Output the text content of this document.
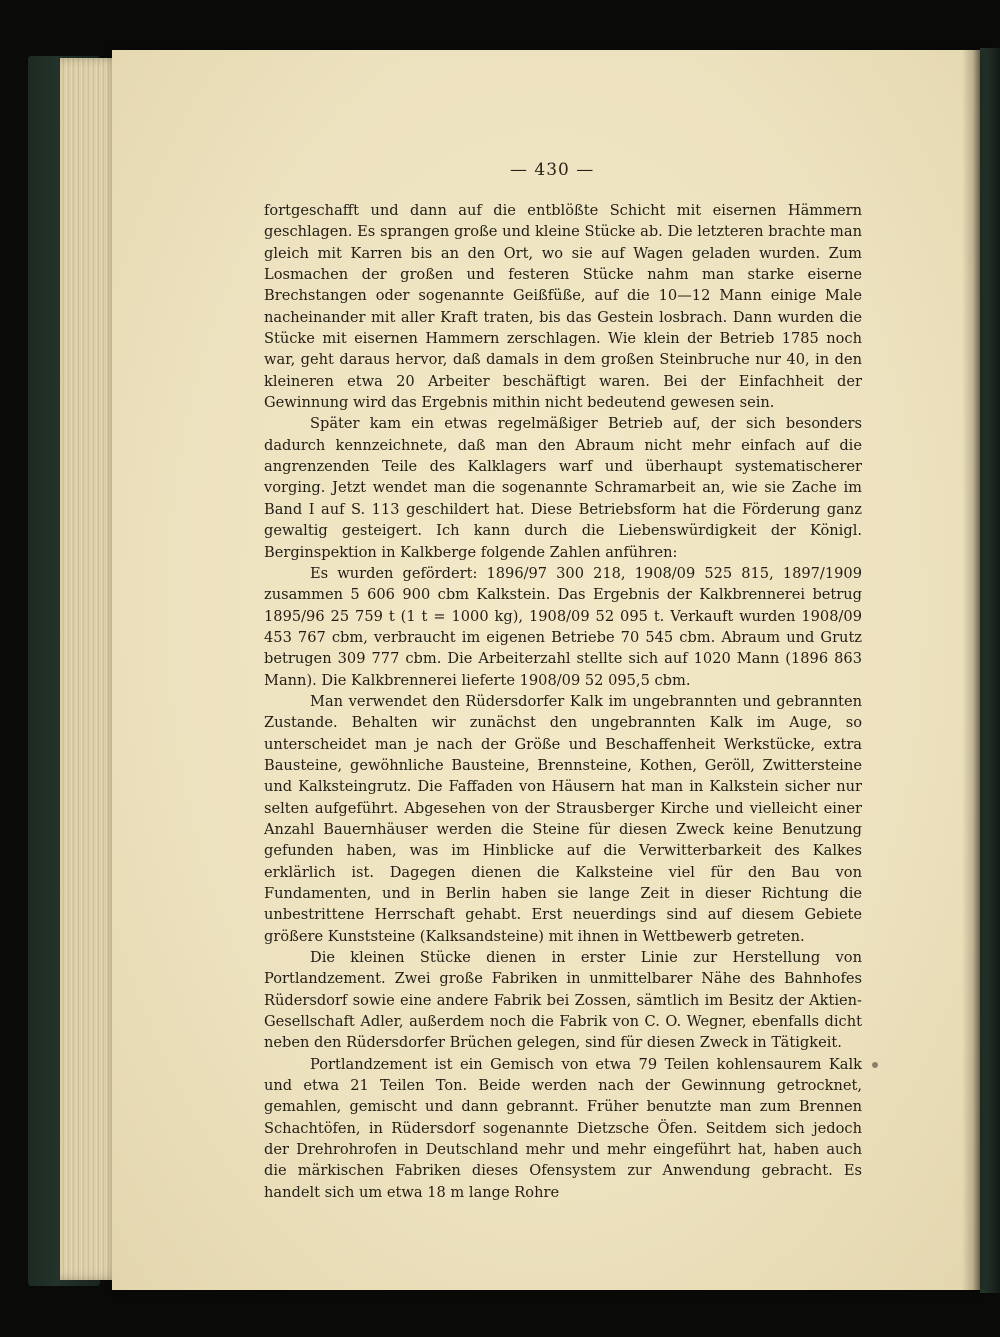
— 430 —

fortgeschafft und dann auf die entblößte Schicht mit eisernen Hämmern geschlagen. Es sprangen große und kleine Stücke ab. Die letzteren brachte man gleich mit Karren bis an den Ort, wo sie auf Wagen geladen wurden. Zum Losmachen der großen und festeren Stücke nahm man starke eiserne Brechstangen oder sogenannte Geißfüße, auf die 10—12 Mann einige Male nacheinander mit aller Kraft traten, bis das Gestein losbrach. Dann wurden die Stücke mit eisernen Hammern zerschlagen. Wie klein der Betrieb 1785 noch war, geht daraus hervor, daß damals in dem großen Steinbruche nur 40, in den kleineren etwa 20 Arbeiter beschäftigt waren. Bei der Einfachheit der Gewinnung wird das Ergebnis mithin nicht bedeutend gewesen sein.

Später kam ein etwas regelmäßiger Betrieb auf, der sich besonders dadurch kennzeichnete, daß man den Abraum nicht mehr einfach auf die angrenzenden Teile des Kalklagers warf und überhaupt systematischerer vorging. Jetzt wendet man die sogenannte Schramarbeit an, wie sie Zache im Band I auf S. 113 geschildert hat. Diese Betriebsform hat die Förderung ganz gewaltig gesteigert. Ich kann durch die Liebenswürdigkeit der Königl. Berginspektion in Kalkberge folgende Zahlen anführen:

Es wurden gefördert: 1896/97 300 218, 1908/09 525 815, 1897/1909 zusammen 5 606 900 cbm Kalkstein. Das Ergebnis der Kalkbrennerei betrug 1895/96 25 759 t (1 t = 1000 kg), 1908/09 52 095 t. Verkauft wurden 1908/09 453 767 cbm, verbraucht im eigenen Betriebe 70 545 cbm. Abraum und Grutz betrugen 309 777 cbm. Die Arbeiterzahl stellte sich auf 1020 Mann (1896 863 Mann). Die Kalkbrennerei lieferte 1908/09 52 095,5 cbm.

Man verwendet den Rüdersdorfer Kalk im ungebrannten und gebrannten Zustande. Behalten wir zunächst den ungebrannten Kalk im Auge, so unterscheidet man je nach der Größe und Beschaffenheit Werkstücke, extra Bausteine, gewöhnliche Bausteine, Brennsteine, Kothen, Geröll, Zwittersteine und Kalksteingrutz. Die Faffaden von Häusern hat man in Kalkstein sicher nur selten aufgeführt. Abgesehen von der Strausberger Kirche und vielleicht einer Anzahl Bauernhäuser werden die Steine für diesen Zweck keine Benutzung gefunden haben, was im Hinblicke auf die Verwitterbarkeit des Kalkes erklärlich ist. Dagegen dienen die Kalksteine viel für den Bau von Fundamenten, und in Berlin haben sie lange Zeit in dieser Richtung die unbestrittene Herrschaft gehabt. Erst neuerdings sind auf diesem Gebiete größere Kunststeine (Kalksandsteine) mit ihnen in Wettbewerb getreten.

Die kleinen Stücke dienen in erster Linie zur Herstellung von Portlandzement. Zwei große Fabriken in unmittelbarer Nähe des Bahnhofes Rüdersdorf sowie eine andere Fabrik bei Zossen, sämtlich im Besitz der Aktien-Gesellschaft Adler, außerdem noch die Fabrik von C. O. Wegner, ebenfalls dicht neben den Rüdersdorfer Brüchen gelegen, sind für diesen Zweck in Tätigkeit.

Portlandzement ist ein Gemisch von etwa 79 Teilen kohlensaurem Kalk und etwa 21 Teilen Ton. Beide werden nach der Gewinnung getrocknet, gemahlen, gemischt und dann gebrannt. Früher benutzte man zum Brennen Schachtöfen, in Rüdersdorf sogenannte Dietzsche Öfen. Seitdem sich jedoch der Drehrohrofen in Deutschland mehr und mehr eingeführt hat, haben auch die märkischen Fabriken dieses Ofensystem zur Anwendung gebracht. Es handelt sich um etwa 18 m lange Rohre
